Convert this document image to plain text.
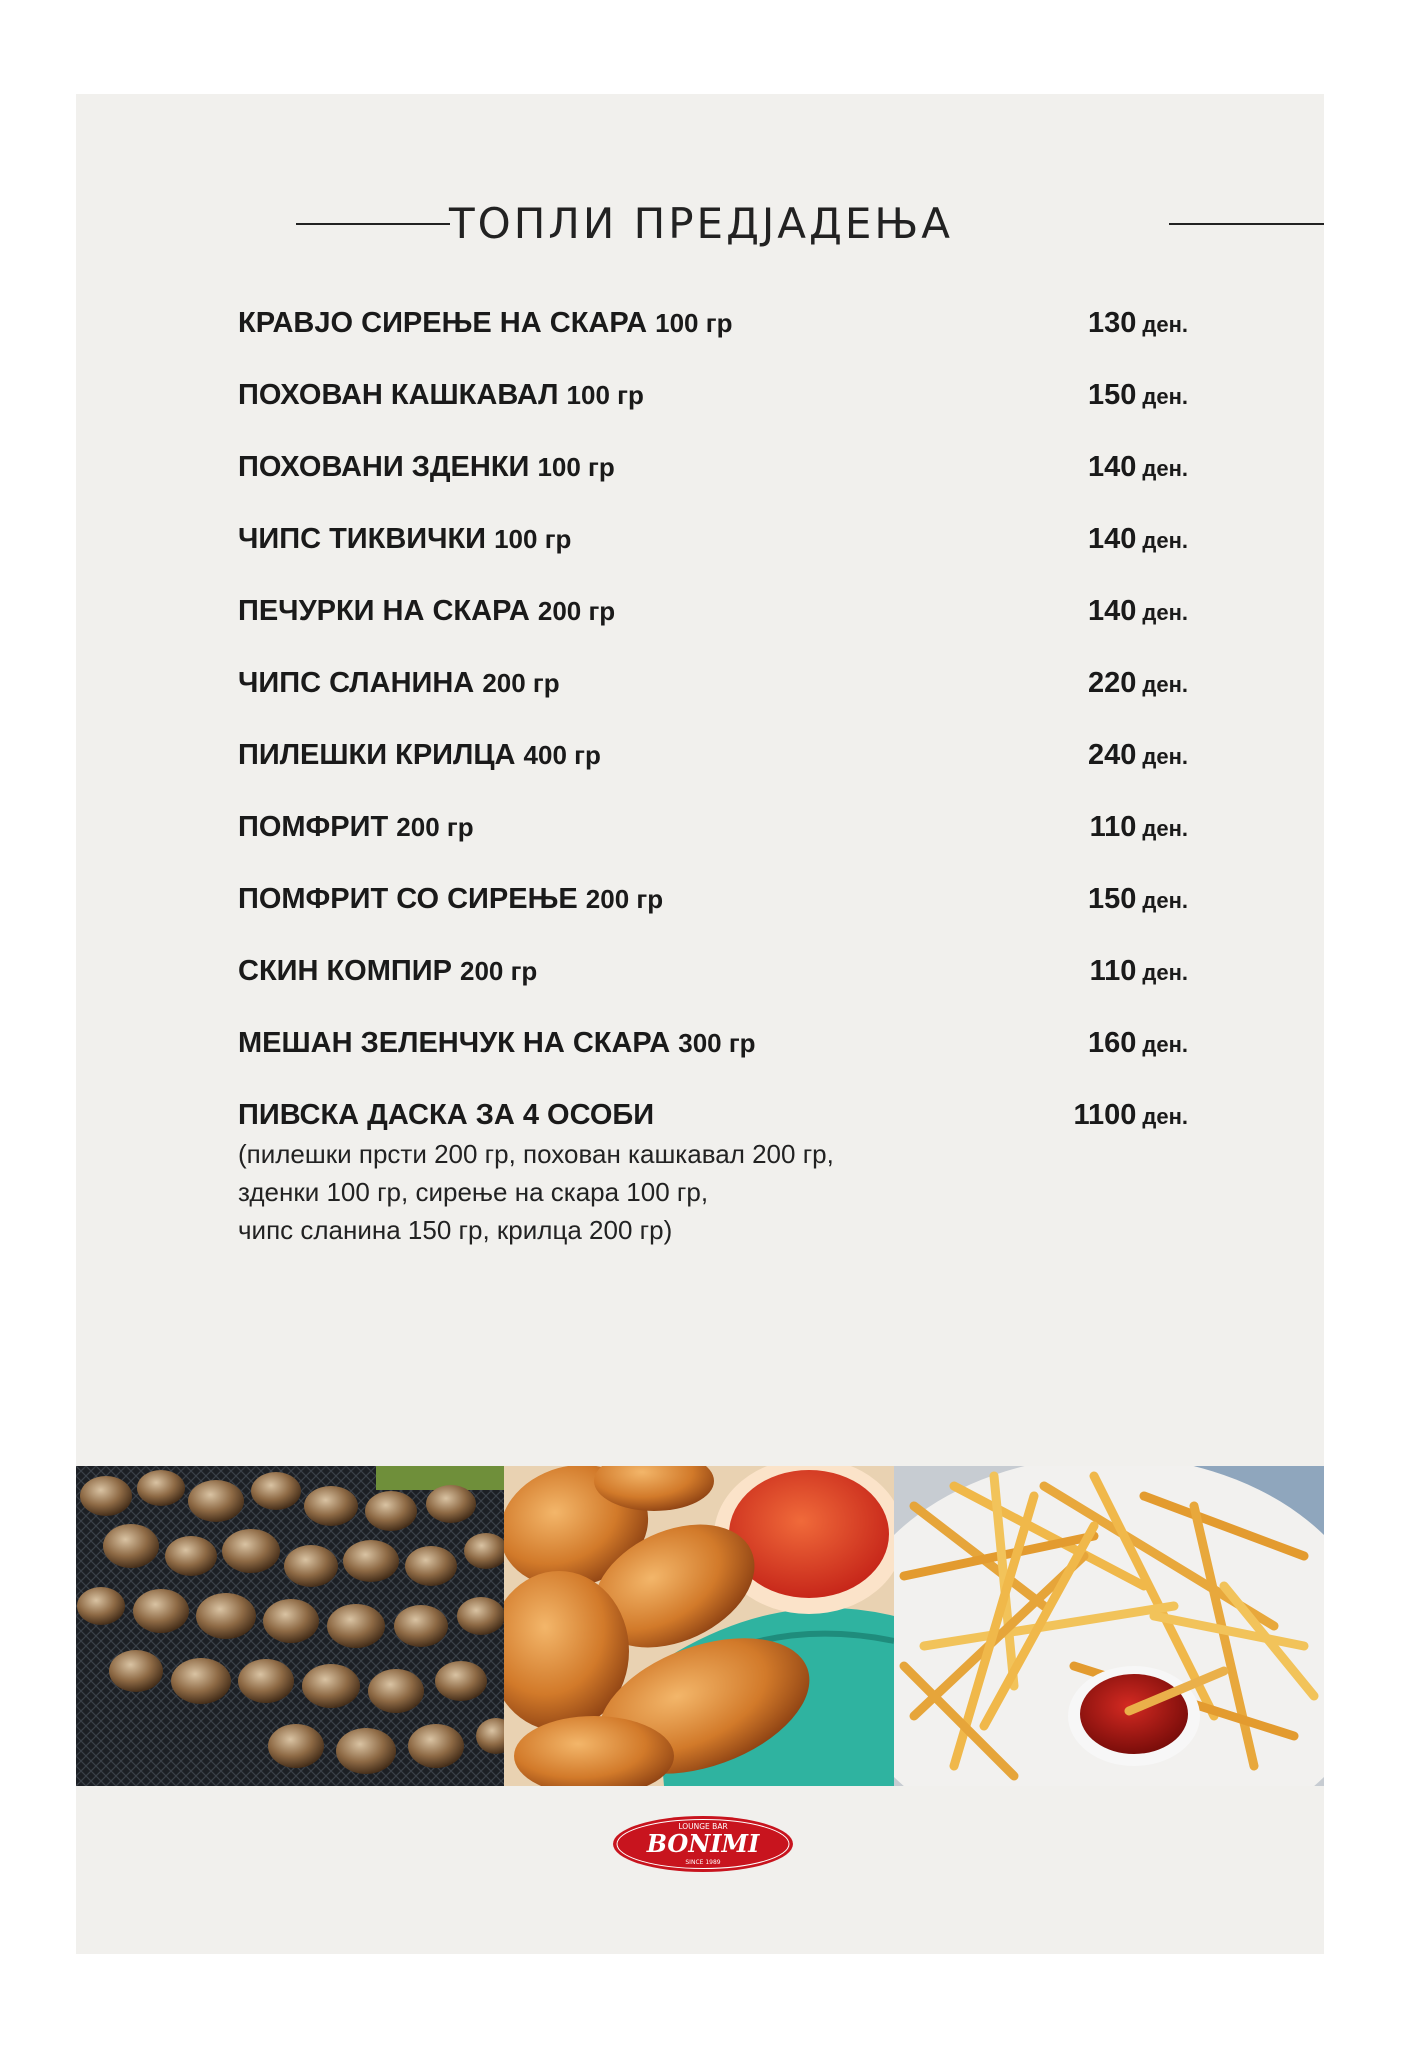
ТОПЛИ ПРЕДЈАДЕЊА
КРАВЈО СИРЕЊЕ НА СКАРА 100 гр	130 ден.
ПОХОВАН КАШКАВАЛ 100 гр	150 ден.
ПОХОВАНИ ЗДЕНКИ 100 гр	140 ден.
ЧИПС ТИКВИЧКИ 100 гр	140 ден.
ПЕЧУРКИ НА СКАРА 200 гр	140 ден.
ЧИПС СЛАНИНА 200 гр	220 ден.
ПИЛЕШКИ КРИЛЦА 400 гр	240 ден.
ПОМФРИТ 200 гр	110 ден.
ПОМФРИТ СО СИРЕЊЕ 200 гр	150 ден.
СКИН КОМПИР 200 гр	110 ден.
МЕШАН ЗЕЛЕНЧУК НА СКАРА 300 гр	160 ден.
ПИВСКА ДАСКА ЗА 4 ОСОБИ	1100 ден.
(пилешки прсти 200 гр, похован кашкавал 200 гр,
зденки 100 гр, сирење на скара 100 гр,
чипс сланина 150 гр, крилца 200 гр)
LOUNGE BAR
BONIMI
SINCE 1989
